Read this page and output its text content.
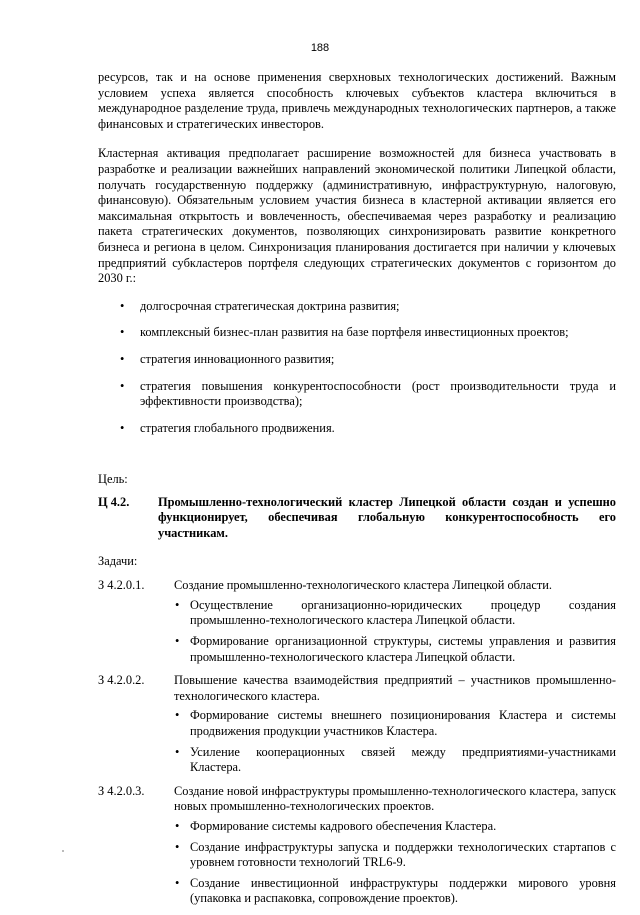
188

ресурсов, так и на основе применения сверхновых технологических достижений. Важным условием успеха является способность ключевых субъектов кластера включиться в международное разделение труда, привлечь международных технологических партнеров, а также финансовых и стратегических инвесторов.

Кластерная активация предполагает расширение возможностей для бизнеса участвовать в разработке и реализации важнейших направлений экономической политики Липецкой области, получать государственную поддержку (административную, инфраструктурную, налоговую, финансовую). Обязательным условием участия бизнеса в кластерной активации является его максимальная открытость и вовлеченность, обеспечиваемая через разработку и реализацию пакета стратегических документов, позволяющих синхронизировать развитие конкретного бизнеса и региона в целом. Синхронизация планирования достигается при наличии у ключевых предприятий субкластеров портфеля следующих стратегических документов с горизонтом до 2030 г.:

• долгосрочная стратегическая доктрина развития;
• комплексный бизнес-план развития на базе портфеля инвестиционных проектов;
• стратегия инновационного развития;
• стратегия повышения конкурентоспособности (рост производительности труда и эффективности производства);
• стратегия глобального продвижения.
Цель:
Ц 4.2.	Промышленно-технологический кластер Липецкой области создан и успешно функционирует, обеспечивая глобальную конкурентоспособность его участникам.
Задачи:
З 4.2.0.1.	Создание промышленно-технологического кластера Липецкой области.
• Осуществление организационно-юридических процедур создания промышленно-технологического кластера Липецкой области.
• Формирование организационной структуры, системы управления и развития промышленно-технологического кластера Липецкой области.
З 4.2.0.2.	Повышение качества взаимодействия предприятий – участников промышленно-технологического кластера.
• Формирование системы внешнего позиционирования Кластера и системы продвижения продукции участников Кластера.
• Усиление кооперационных связей между предприятиями-участниками Кластера.
З 4.2.0.3.	Создание новой инфраструктуры промышленно-технологического кластера, запуск новых промышленно-технологических проектов.
• Формирование системы кадрового обеспечения Кластера.
• Создание инфраструктуры запуска и поддержки технологических стартапов с уровнем готовности технологий TRL6-9.
• Создание инвестиционной инфраструктуры поддержки мирового уровня (упаковка и распаковка, сопровождение проектов).
